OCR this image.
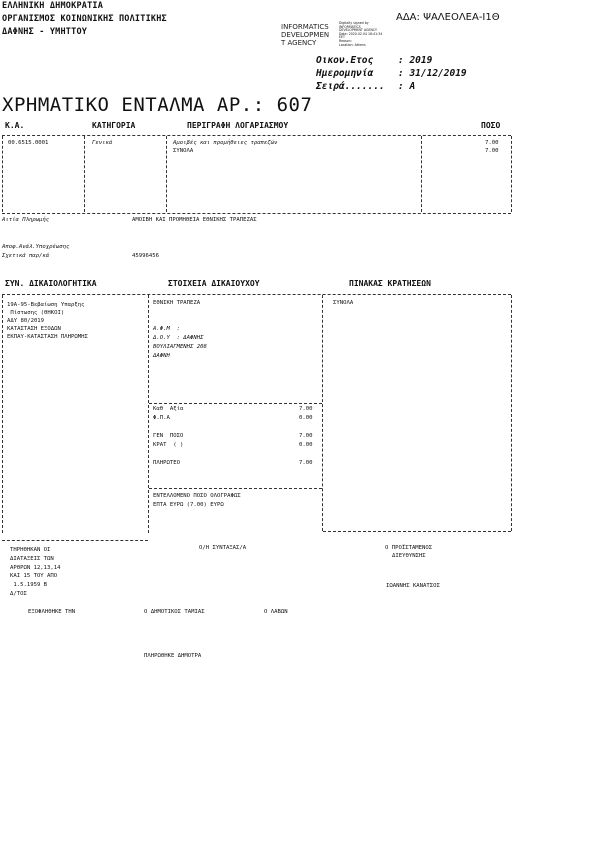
ΕΛΛΗΝΙΚΗ ΔΗΜΟΚΡΑΤΙΑ
ΟΡΓΑΝΙΣΜΟΣ ΚΟΙΝΩΝΙΚΗΣ ΠΟΛΙΤΙΚΗΣ
ΔΑΦΝΗΣ - ΥΜΗΤΤΟΥ
ΑΔΑ: ΨΑΛΕΟΛΕΑ-Ι1Θ
INFORMATICS
DEVELOPMEN
T AGENCY
Digitally signed by
INFORMATICS
DEVELOPMENT AGENCY
Date: 2020.02.04 16:41:34
EET
Reason:
Location: Athens
Οικον.Ετος	: 2019
Ημερομηνία	: 31/12/2019
Σειρά....... : Α
ΧΡΗΜΑΤΙΚΟ ΕΝΤΑΛΜΑ ΑΡ.: 607
Κ.Α.	ΚΑΤΗΓΟΡΙΑ	ΠΕΡΙΓΡΑΦΗ ΛΟΓΑΡΙΑΣΜΟΥ	ΠΟΣΟ
00.6515.0001	Γενικά	Αμοιβές και προμήθειες τραπεζών	7.00
ΣΥΝΟΛΑ	7.00
Αιτία Πληρωμής	ΑΜΟΙΒΗ ΚΑΙ ΠΡΟΜΗΘΕΙΑ ΕΘΝΙΚΗΣ ΤΡΑΠΕΖΑΣ
Αποφ.Ανάλ.Υποχρέωσης
Σχετικά παρ/κά	45996456
ΣΥΝ. ΔΙΚΑΙΟΛΟΓΗΤΙΚΑ	ΣΤΟΙΧΕΙΑ ΔΙΚΑΙΟΥΧΟΥ	ΠΙΝΑΚΑΣ ΚΡΑΤΗΣΕΩΝ
19Α-95-Βεβαίωση Υπαρξης
Πίστωσης (ΘΗΚΟΙ)
ΑΔΥ 80/2019
ΚΑΤΑΣΤΑΣΗ ΕΞΟΔΩΝ
ΕΚΠΑΥ-ΚΑΤΑΣΤΑΣΗ ΠΛΗΡΩΜΗΣ
ΕΘΝΙΚΗ ΤΡΑΠΕΖΑ
Α.Φ.Μ  :
Δ.Ο.Υ  : ΔΑΦΝΗΣ
ΒΟΥΛΙΑΓΜΕΝΗΣ 208
ΔΑΦΝΗ
Καθ  Αξία	7.00
Φ.Π.Α	0.00
ΓΕΝ  ΠΟΣΟ	7.00
ΚΡΑΤ  ( )	0.00
ΠΛΗΡΩΤΕΟ	7.00
ΕΝΤΕΛΛΟΜΕΝΟ ΠΟΣΟ ΟΛΟΓΡΑΦΩΣ
ΕΠΤΑ ΕΥΡΩ (7.00) ΕΥΡΩ
ΣΥΝΟΛΑ
ΤΗΡΗΘΗΚΑΝ ΟΙ
ΔΙΑΤΑΞΕΙΣ ΤΩΝ
ΑΡΘΡΩΝ 12,13,14
ΚΑΙ 15 ΤΟΥ ΑΠΟ
1.5.1959 Β
Δ/ΤΟΣ
Ο/Η ΣΥΝΤΑΞΑΣ/Α	Ο ΠΡΟΪΣΤΑΜΕΝΟΣ
ΔΙΕΥΘΥΝΣΗΣ
ΙΩΑΝΝΗΣ ΚΑΝΑΤΣΟΣ
ΕΞΟΦΛΗΘΗΚΕ ΤΗΝ	Ο ΔΗΜΟΤΙΚΟΣ ΤΑΜΙΑΣ	Ο ΛΑΒΩΝ
ΠΛΗΡΩΘΗΚΕ ΔΗΜΟΤΡΑ
